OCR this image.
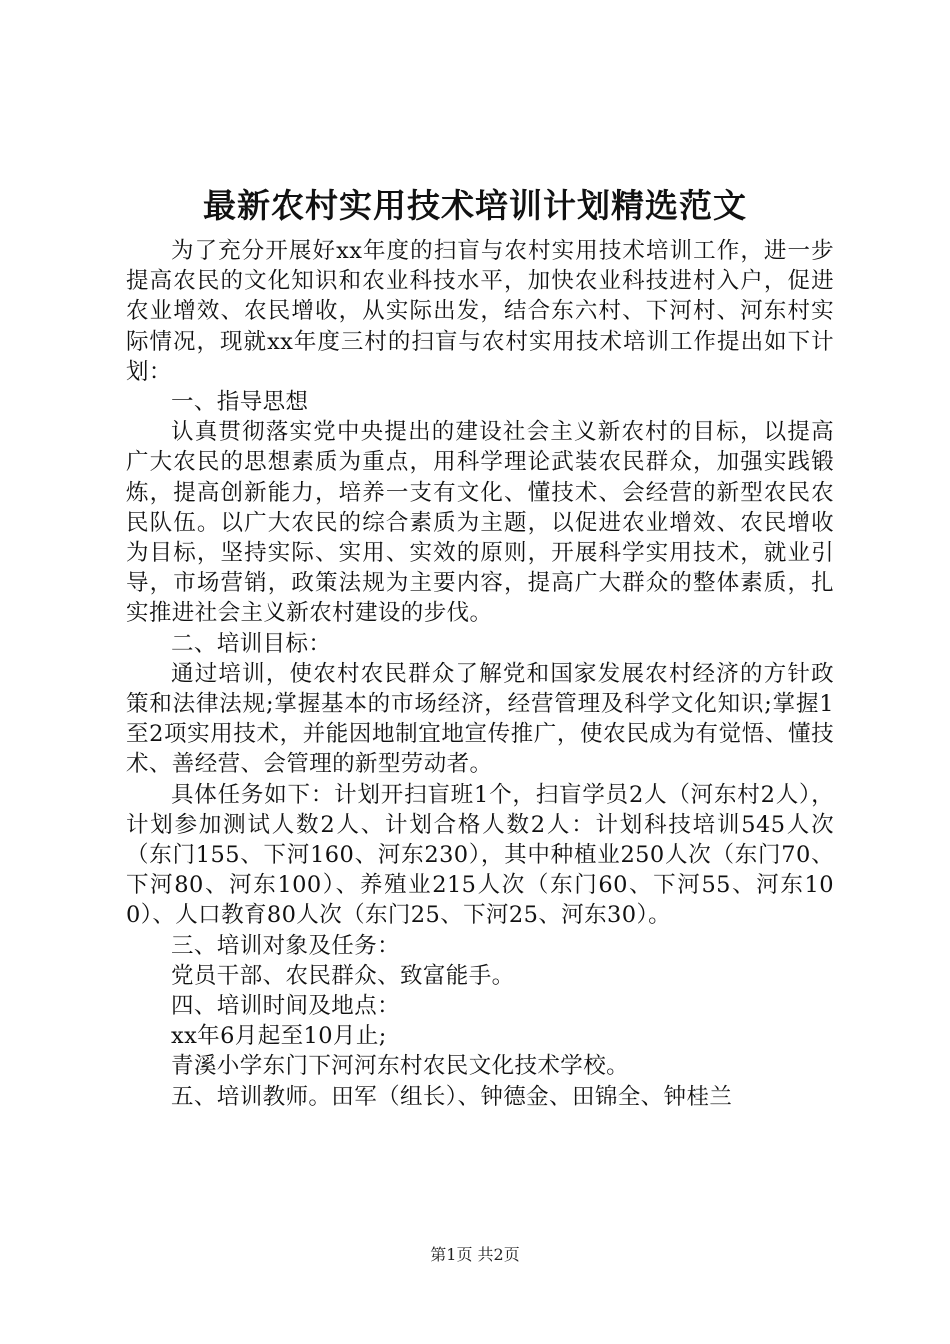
最新农村实用技术培训计划精选范文

为了充分开展好xx年度的扫盲与农村实用技术培训工作，进一步提高农民的文化知识和农业科技水平，加快农业科技进村入户，促进农业增效、农民增收，从实际出发，结合东六村、下河村、河东村实际情况，现就xx年度三村的扫盲与农村实用技术培训工作提出如下计划：

一、指导思想

认真贯彻落实党中央提出的建设社会主义新农村的目标，以提高广大农民的思想素质为重点，用科学理论武装农民群众，加强实践锻炼，提高创新能力，培养一支有文化、懂技术、会经营的新型农民农民队伍。以广大农民的综合素质为主题，以促进农业增效、农民增收为目标，坚持实际、实用、实效的原则，开展科学实用技术，就业引导，市场营销，政策法规为主要内容，提高广大群众的整体素质，扎实推进社会主义新农村建设的步伐。

二、培训目标：

通过培训，使农村农民群众了解党和国家发展农村经济的方针政策和法律法规;掌握基本的市场经济，经营管理及科学文化知识;掌握1至2项实用技术，并能因地制宜地宣传推广，使农民成为有觉悟、懂技术、善经营、会管理的新型劳动者。

具体任务如下：计划开扫盲班1个，扫盲学员2人（河东村2人），计划参加测试人数2人、计划合格人数2人：计划科技培训545人次（东门155、下河160、河东230），其中种植业250人次（东门70、下河80、河东100）、养殖业215人次（东门60、下河55、河东100）、人口教育80人次（东门25、下河25、河东30）。

三、培训对象及任务：

党员干部、农民群众、致富能手。

四、培训时间及地点：

xx年6月起至10月止;

青溪小学东门下河河东村农民文化技术学校。

五、培训教师。田军（组长）、钟德金、田锦全、钟桂兰

第1页 共2页
